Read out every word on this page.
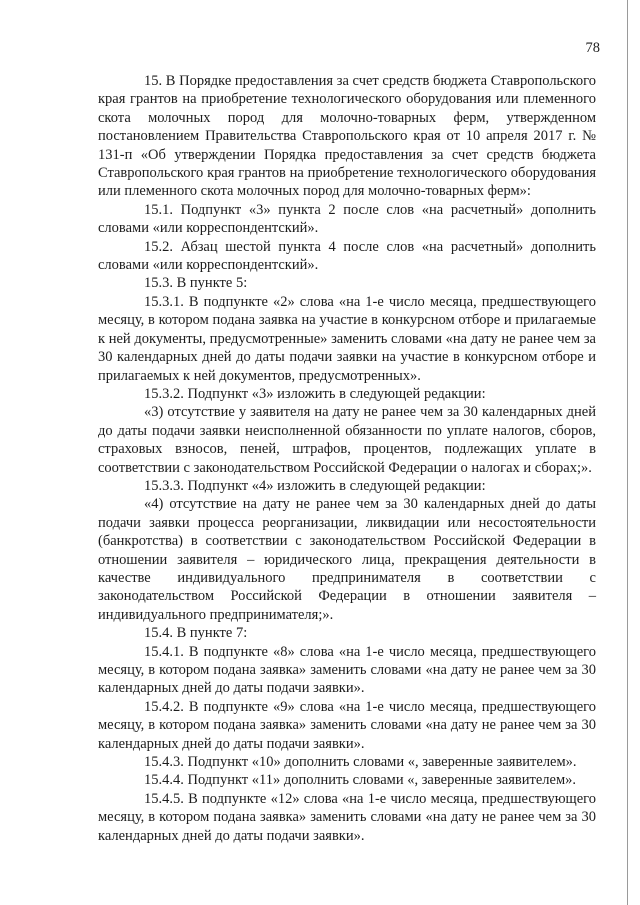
78

15. В Порядке предоставления за счет средств бюджета Ставропольского края грантов на приобретение технологического оборудования или племенного скота молочных пород для молочно-товарных ферм, утвержденном постановлением Правительства Ставропольского края от 10 апреля 2017 г. № 131-п «Об утверждении Порядка предоставления за счет средств бюджета Ставропольского края грантов на приобретение технологического оборудования или племенного скота молочных пород для молочно-товарных ферм»:

15.1. Подпункт «3» пункта 2 после слов «на расчетный» дополнить словами «или корреспондентский».

15.2. Абзац шестой пункта 4 после слов «на расчетный» дополнить словами «или корреспондентский».

15.3. В пункте 5:

15.3.1. В подпункте «2» слова «на 1-е число месяца, предшествующего месяцу, в котором подана заявка на участие в конкурсном отборе и прилагаемые к ней документы, предусмотренные» заменить словами «на дату не ранее чем за 30 календарных дней до даты подачи заявки на участие в конкурсном отборе и прилагаемых к ней документов, предусмотренных».

15.3.2. Подпункт «3» изложить в следующей редакции:

«3) отсутствие у заявителя на дату не ранее чем за 30 календарных дней до даты подачи заявки неисполненной обязанности по уплате налогов, сборов, страховых взносов, пеней, штрафов, процентов, подлежащих уплате в соответствии с законодательством Российской Федерации о налогах и сборах;».

15.3.3. Подпункт «4» изложить в следующей редакции:

«4) отсутствие на дату не ранее чем за 30 календарных дней до даты подачи заявки процесса реорганизации, ликвидации или несостоятельности (банкротства) в соответствии с законодательством Российской Федерации в отношении заявителя – юридического лица, прекращения деятельности в качестве индивидуального предпринимателя в соответствии с законодательством Российской Федерации в отношении заявителя – индивидуального предпринимателя;».

15.4. В пункте 7:

15.4.1. В подпункте «8» слова «на 1-е число месяца, предшествующего месяцу, в котором подана заявка» заменить словами «на дату не ранее чем за 30 календарных дней до даты подачи заявки».

15.4.2. В подпункте «9» слова «на 1-е число месяца, предшествующего месяцу, в котором подана заявка» заменить словами «на дату не ранее чем за 30 календарных дней до даты подачи заявки».

15.4.3. Подпункт «10» дополнить словами «, заверенные заявителем».

15.4.4. Подпункт «11» дополнить словами «, заверенные заявителем».

15.4.5. В подпункте «12» слова «на 1-е число месяца, предшествующего месяцу, в котором подана заявка» заменить словами «на дату не ранее чем за 30 календарных дней до даты подачи заявки».
